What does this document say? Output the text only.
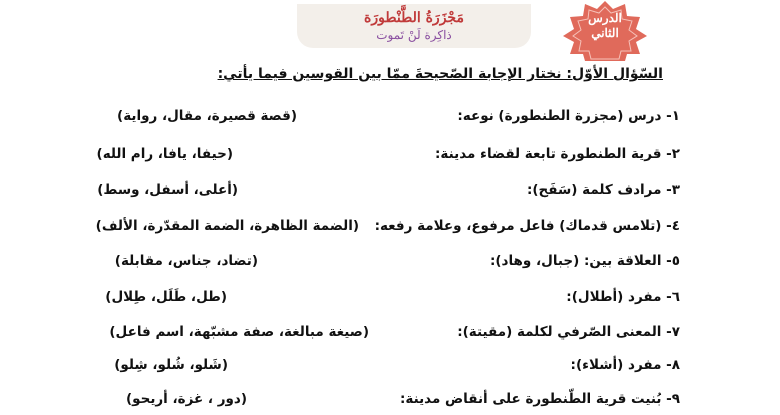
الدرس
الثاني
مَجْزَرَةُ الطَّنْطورَة
ذاكِرة لَنْ تَموت
السّؤال الأوّل: نختار الإجابة الصّحيحةَ ممّا بين القوسين فيما يأتي:
١- درس (مجزرة الطنطورة) نوعه:
(قصة قصيرة، مقال، رواية)
٢- قرية الطنطورة تابعة لقضاء مدينة:
(حيفا، يافا، رام الله)
٣- مرادف كلمة (سَفَح):
(أعلى، أسفل، وسط)
٤- (تلامس قدماك) فاعل مرفوع، وعلامة رفعه:
(الضمة الظاهرة، الضمة المقدّرة، الألف)
٥- العلاقة بين: (جبال، وهاد):
(تضاد، جناس، مقابلة)
٦- مفرد (أطلال):
(طل، طَلَل، طِلال)
٧- المعنى الصّرفي لكلمة (مقيتة):
(صيغة مبالغة، صفة مشبّهة، اسم فاعل)
٨- مفرد (أشلاء):
(شَلو، شُلو، شِلو)
٩- بُنيت قرية الطّنطورة على أنقاض مدينة:
(دور ، غزة، أريحو)
